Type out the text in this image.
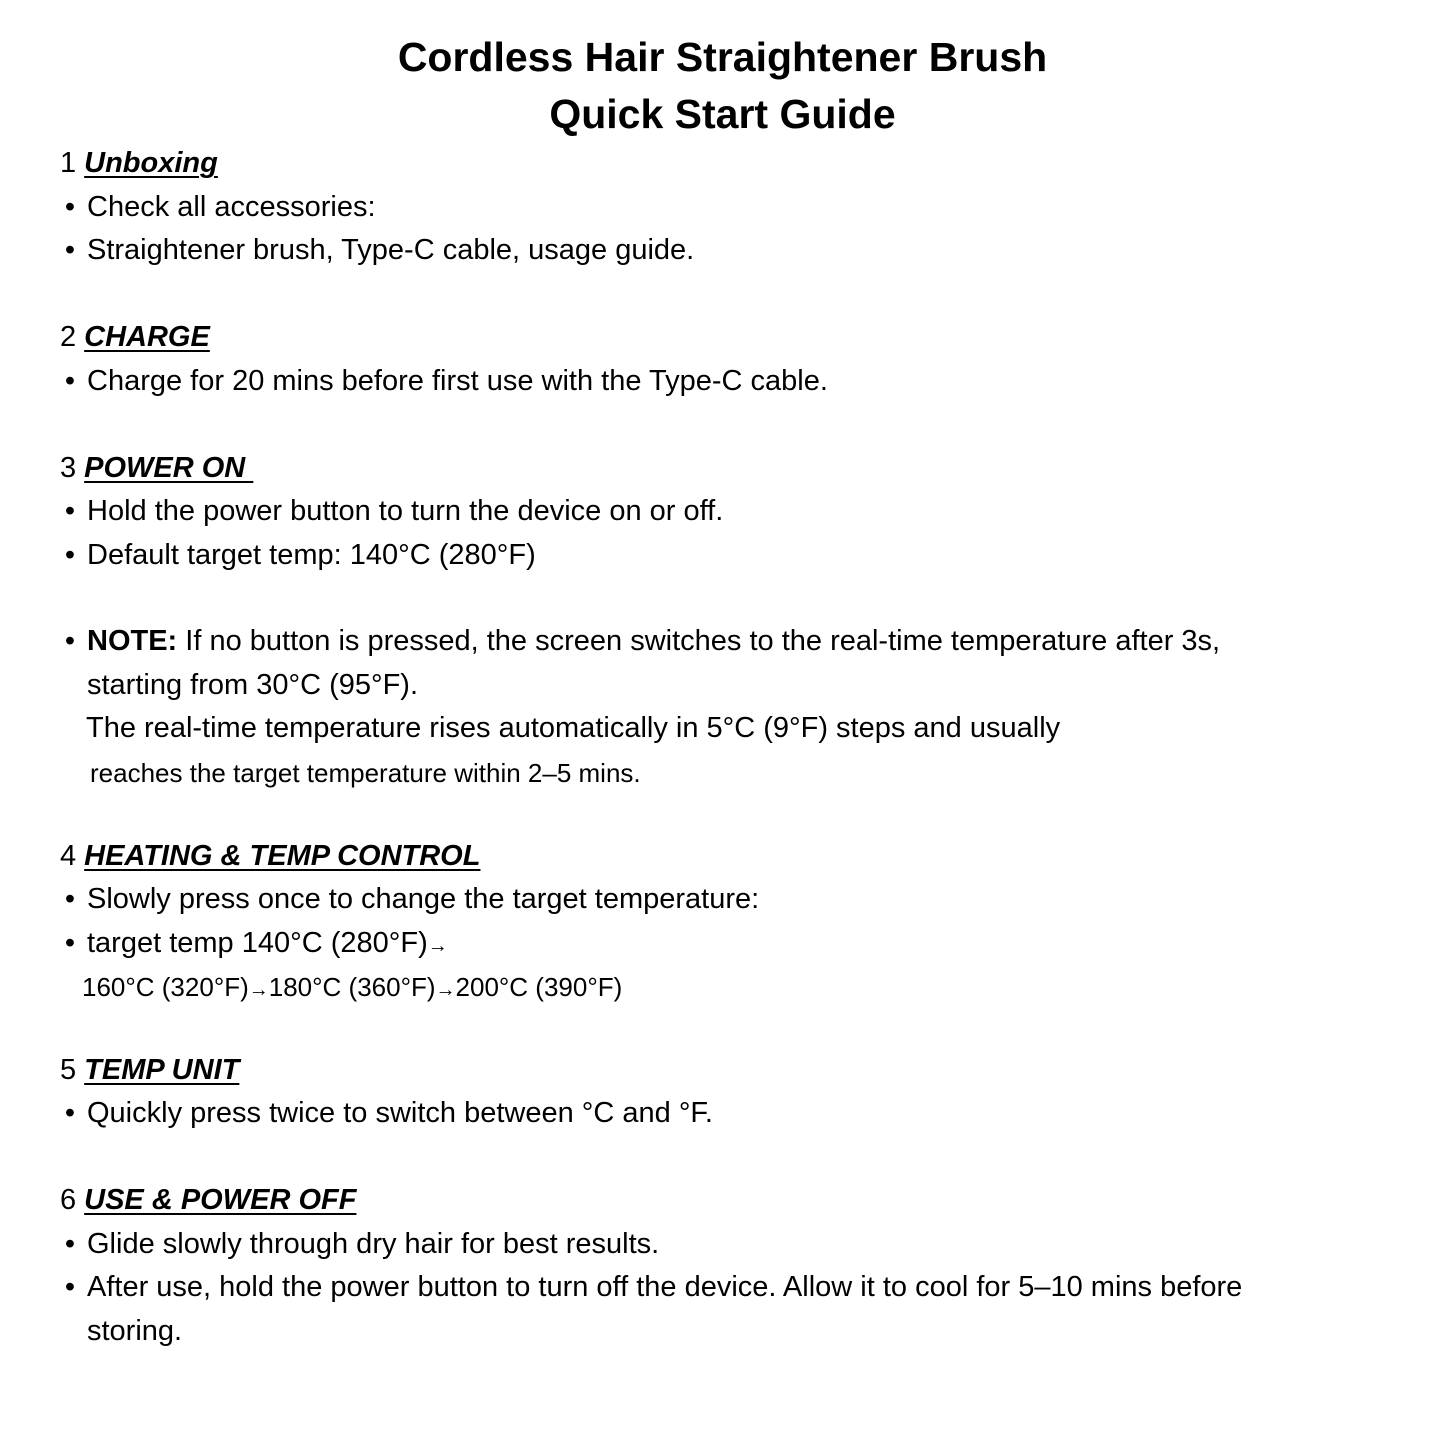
Cordless Hair Straightener Brush
Quick Start Guide
1 Unboxing
• Check all accessories:
• Straightener brush, Type-C cable, usage guide.
2 CHARGE
• Charge for 20 mins before first use with the Type-C cable.
3 POWER ON
• Hold the power button to turn the device on or off.
• Default target temp: 140°C (280°F)
• NOTE: If no button is pressed, the screen switches to the real-time temperature after 3s,
starting from 30°C (95°F).
The real-time temperature rises automatically in 5°C (9°F) steps and usually
reaches the target temperature within 2–5 mins.
4 HEATING & TEMP CONTROL
• Slowly press once to change the target temperature:
• target temp 140°C (280°F)→
160°C (320°F)→180°C (360°F)→200°C (390°F)
5 TEMP UNIT
• Quickly press twice to switch between °C and °F.
6 USE & POWER OFF
• Glide slowly through dry hair for best results.
• After use, hold the power button to turn off the device. Allow it to cool for 5–10 mins before
storing.
